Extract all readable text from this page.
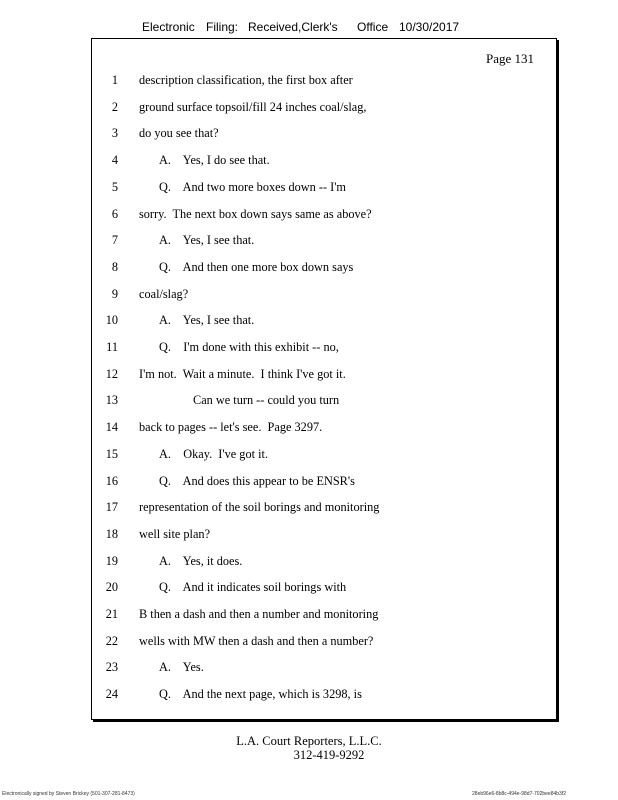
Electronic Filing: Received,Clerk's Office 10/30/2017
Page 131
1 description classification, the first box after
2 ground surface topsoil/fill 24 inches coal/slag,
3 do you see that?
4	A.    Yes, I do see that.
5	Q.    And two more boxes down -- I'm
6 sorry.  The next box down says same as above?
7	A.    Yes, I see that.
8	Q.    And then one more box down says
9 coal/slag?
10	A.    Yes, I see that.
11	Q.    I'm done with this exhibit -- no,
12 I'm not.  Wait a minute.  I think I've got it.
13	Can we turn -- could you turn
14 back to pages -- let's see.  Page 3297.
15	A.    Okay.  I've got it.
16	Q.    And does this appear to be ENSR's
17 representation of the soil borings and monitoring
18 well site plan?
19	A.    Yes, it does.
20	Q.    And it indicates soil borings with
21 B then a dash and then a number and monitoring
22 wells with MW then a dash and then a number?
23	A.    Yes.
24	Q.    And the next page, which is 3298, is
L.A. Court Reporters, L.L.C.
312-419-9292
Electronically signed by Steven Brickey (501-307-281-8473)	28eb96e6-8b8c-494e-98d7-702bee84b3f2
